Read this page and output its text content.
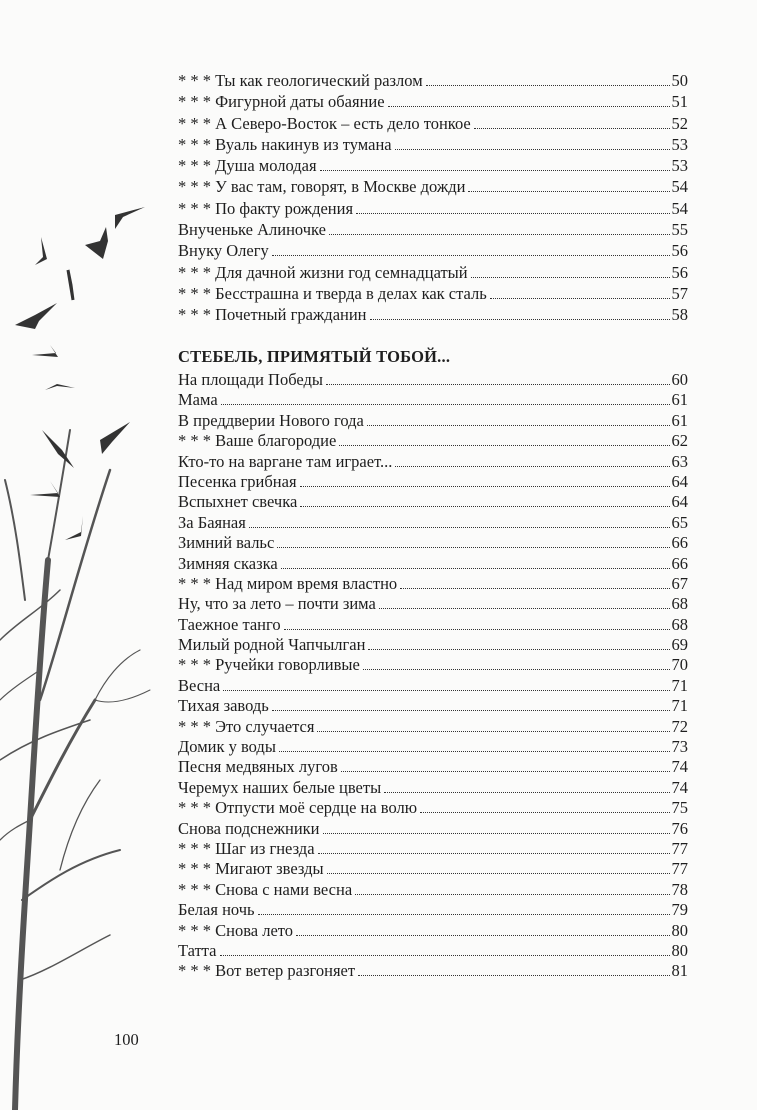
* * * Ты как геологический разлом	50
* * * Фигурной даты обаяние	51
* * * А Северо-Восток – есть дело тонкое	52
* * * Вуаль накинув из тумана	53
* * * Душа молодая	53
* * * У вас там, говорят, в Москве дожди	54
* * * По факту рождения	54
Внученьке Алиночке	55
Внуку Олегу	56
* * * Для дачной жизни год семнадцатый	56
* * * Бесстрашна и тверда в делах как сталь	57
* * * Почетный гражданин	58
СТЕБЕЛЬ, ПРИМЯТЫЙ ТОБОЙ...
На площади Победы	60
Мама	61
В преддверии Нового года	61
* * * Ваше благородие	62
Кто-то на варгане там играет...	63
Песенка грибная	64
Вспыхнет свечка	64
За Баяная	65
Зимний вальс	66
Зимняя сказка	66
* * * Над миром время властно	67
Ну, что за лето – почти зима	68
Таежное танго	68
Милый родной Чапчылган	69
* * * Ручейки говорливые	70
Весна	71
Тихая заводь	71
* * * Это случается	72
Домик у воды	73
Песня медвяных лугов	74
Черемух наших белые цветы	74
* * * Отпусти моё сердце на волю	75
Снова подснежники	76
* * * Шаг из гнезда	77
* * * Мигают звезды	77
* * * Снова с нами весна	78
Белая ночь	79
* * * Снова лето	80
Татта	80
* * * Вот ветер разгоняет	81
100
